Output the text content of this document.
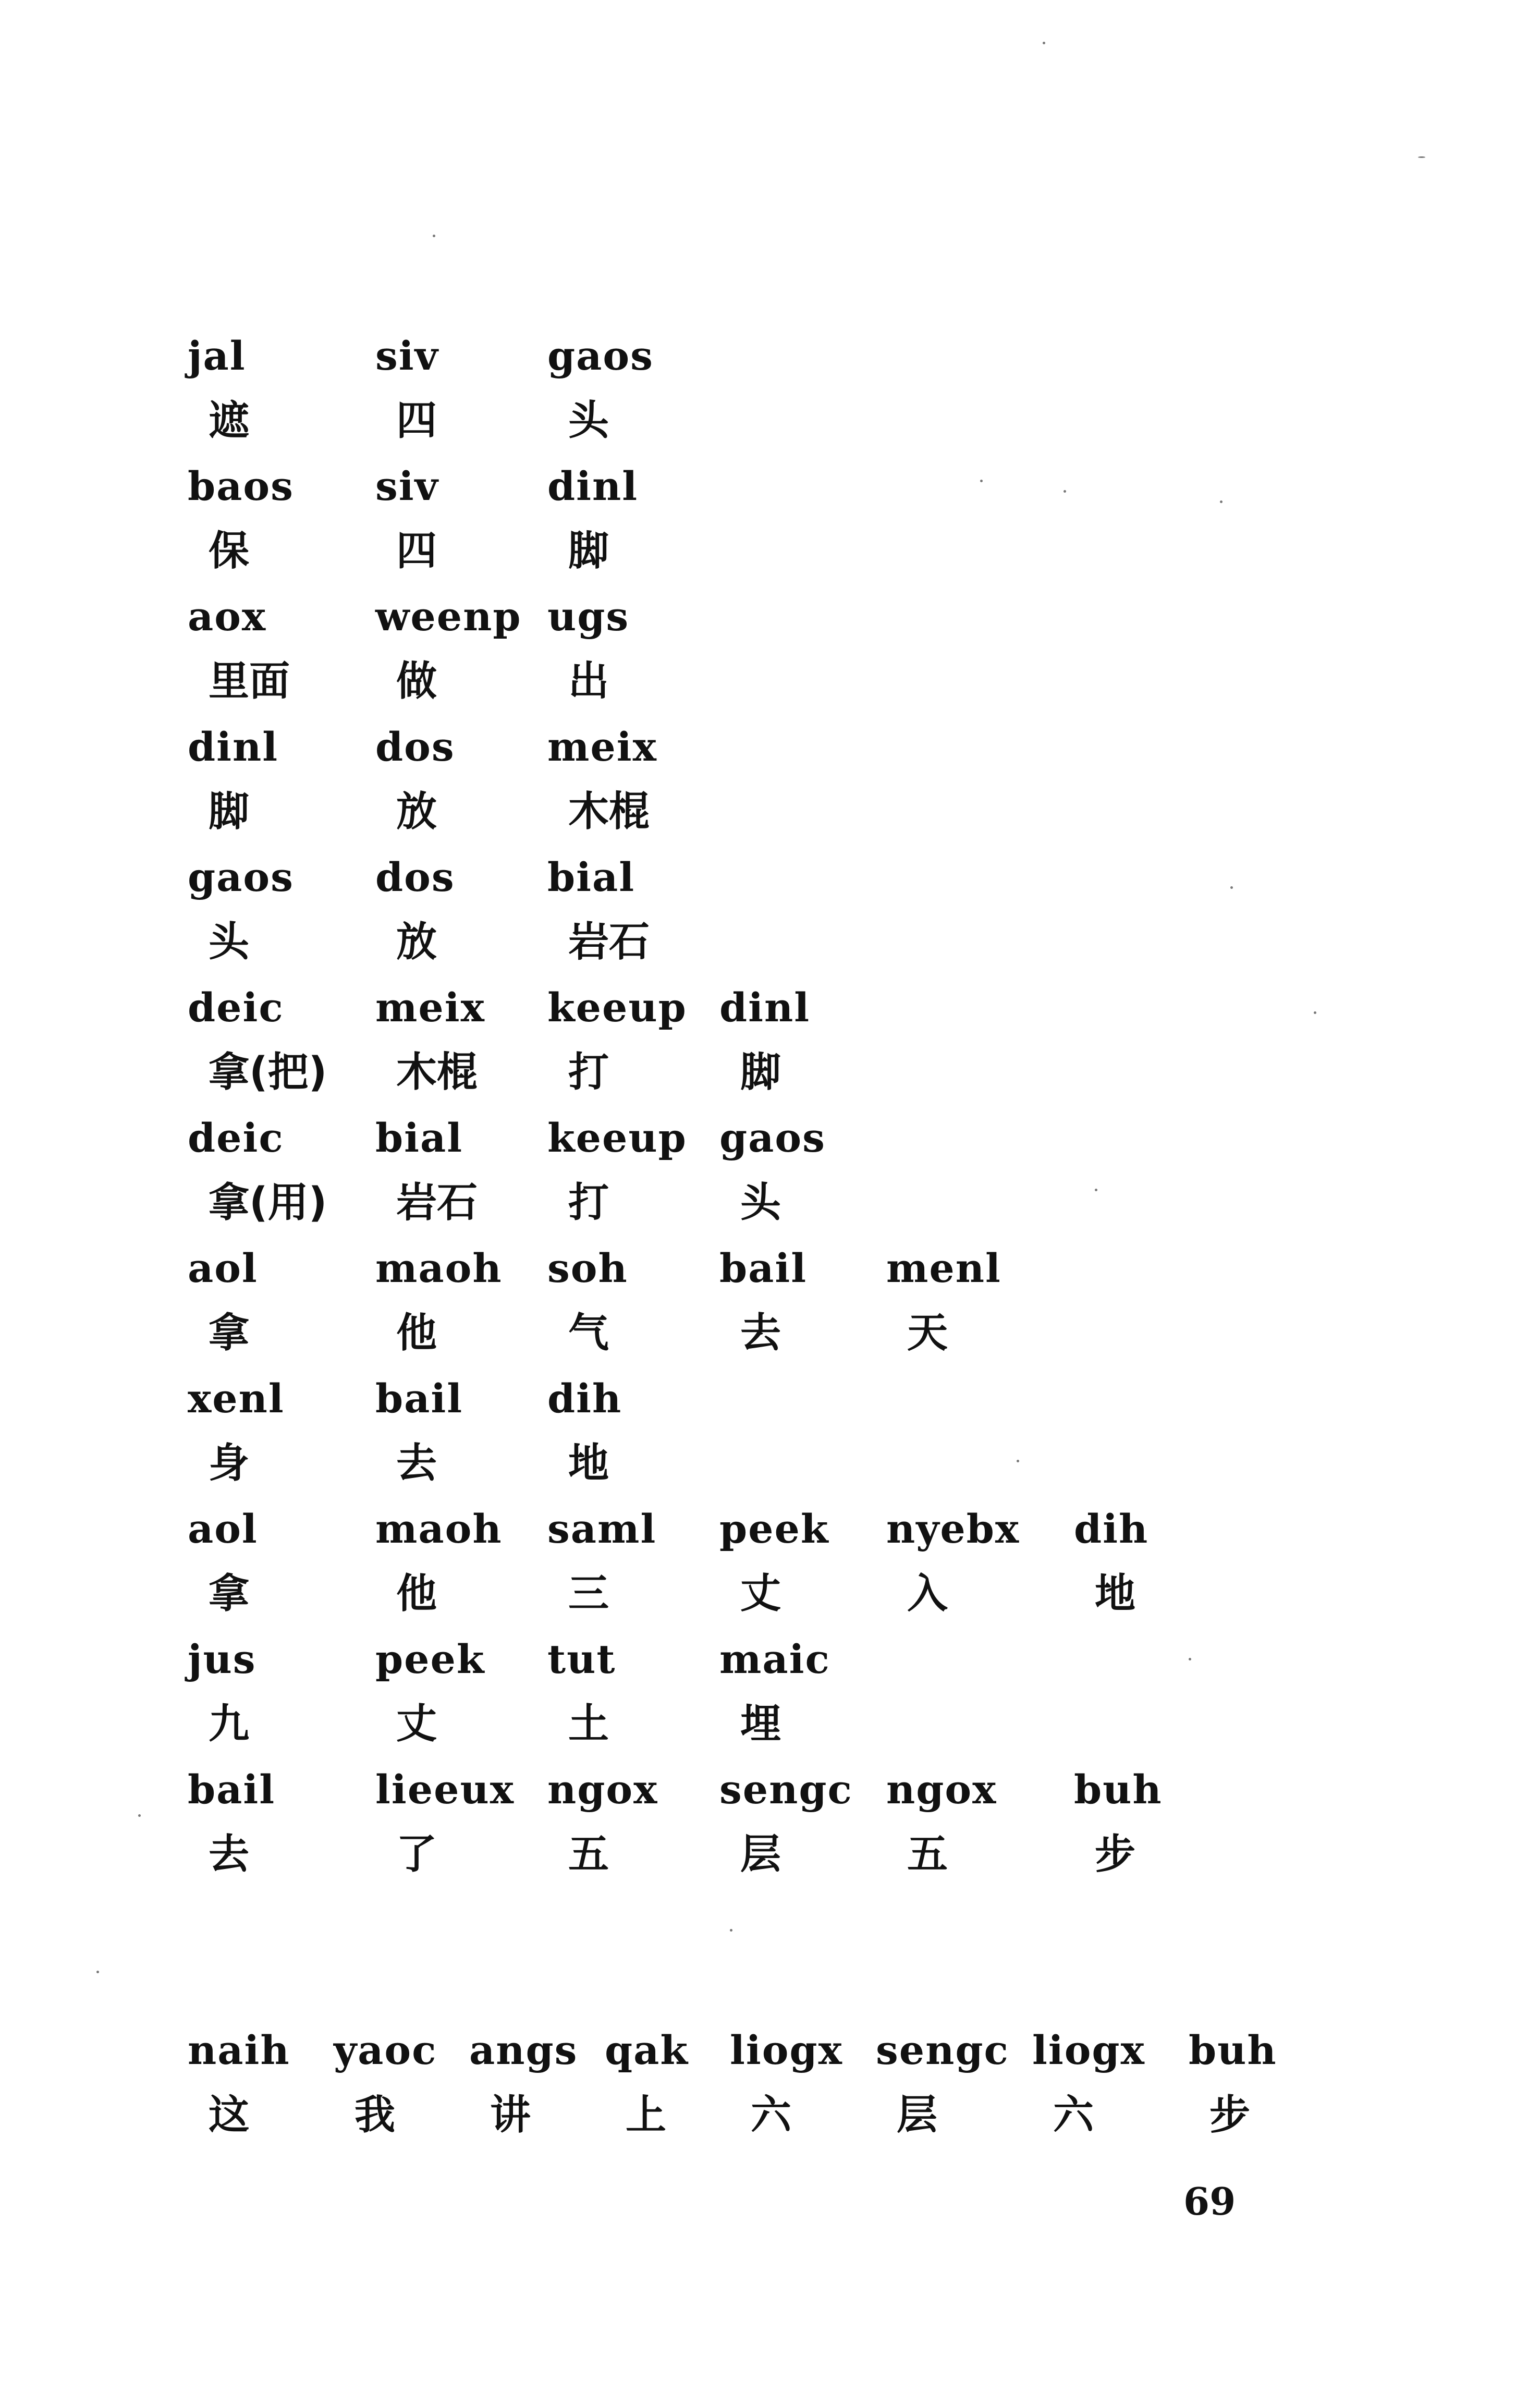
jal	siv	gaos
遮	四	头
baos siv	dinl
保	四	脚
aox	weenp ugs
里面	做	出
dinl dos meix
脚	放	木棍
gaos dos bial
头	放	岩石
deic meix keeup dinl
拿(把) 木棍 打	脚
deic bial keeup gaos
拿(用) 岩石 打	头
aol	maoh soh bail menl
拿	他	气	去	天
xenl bail dih
身	去	地
aol	maoh saml peek nyebx dih
拿	他	三	丈	入	地
jus	peek tut	maic
九	丈	土	埋
bail	lieeux ngox sengc ngox buh
去	了	五	层	五	步
naih yaoc angs qak liogx sengc liogx buh
这	我 讲 上 六	层	六	步
69
